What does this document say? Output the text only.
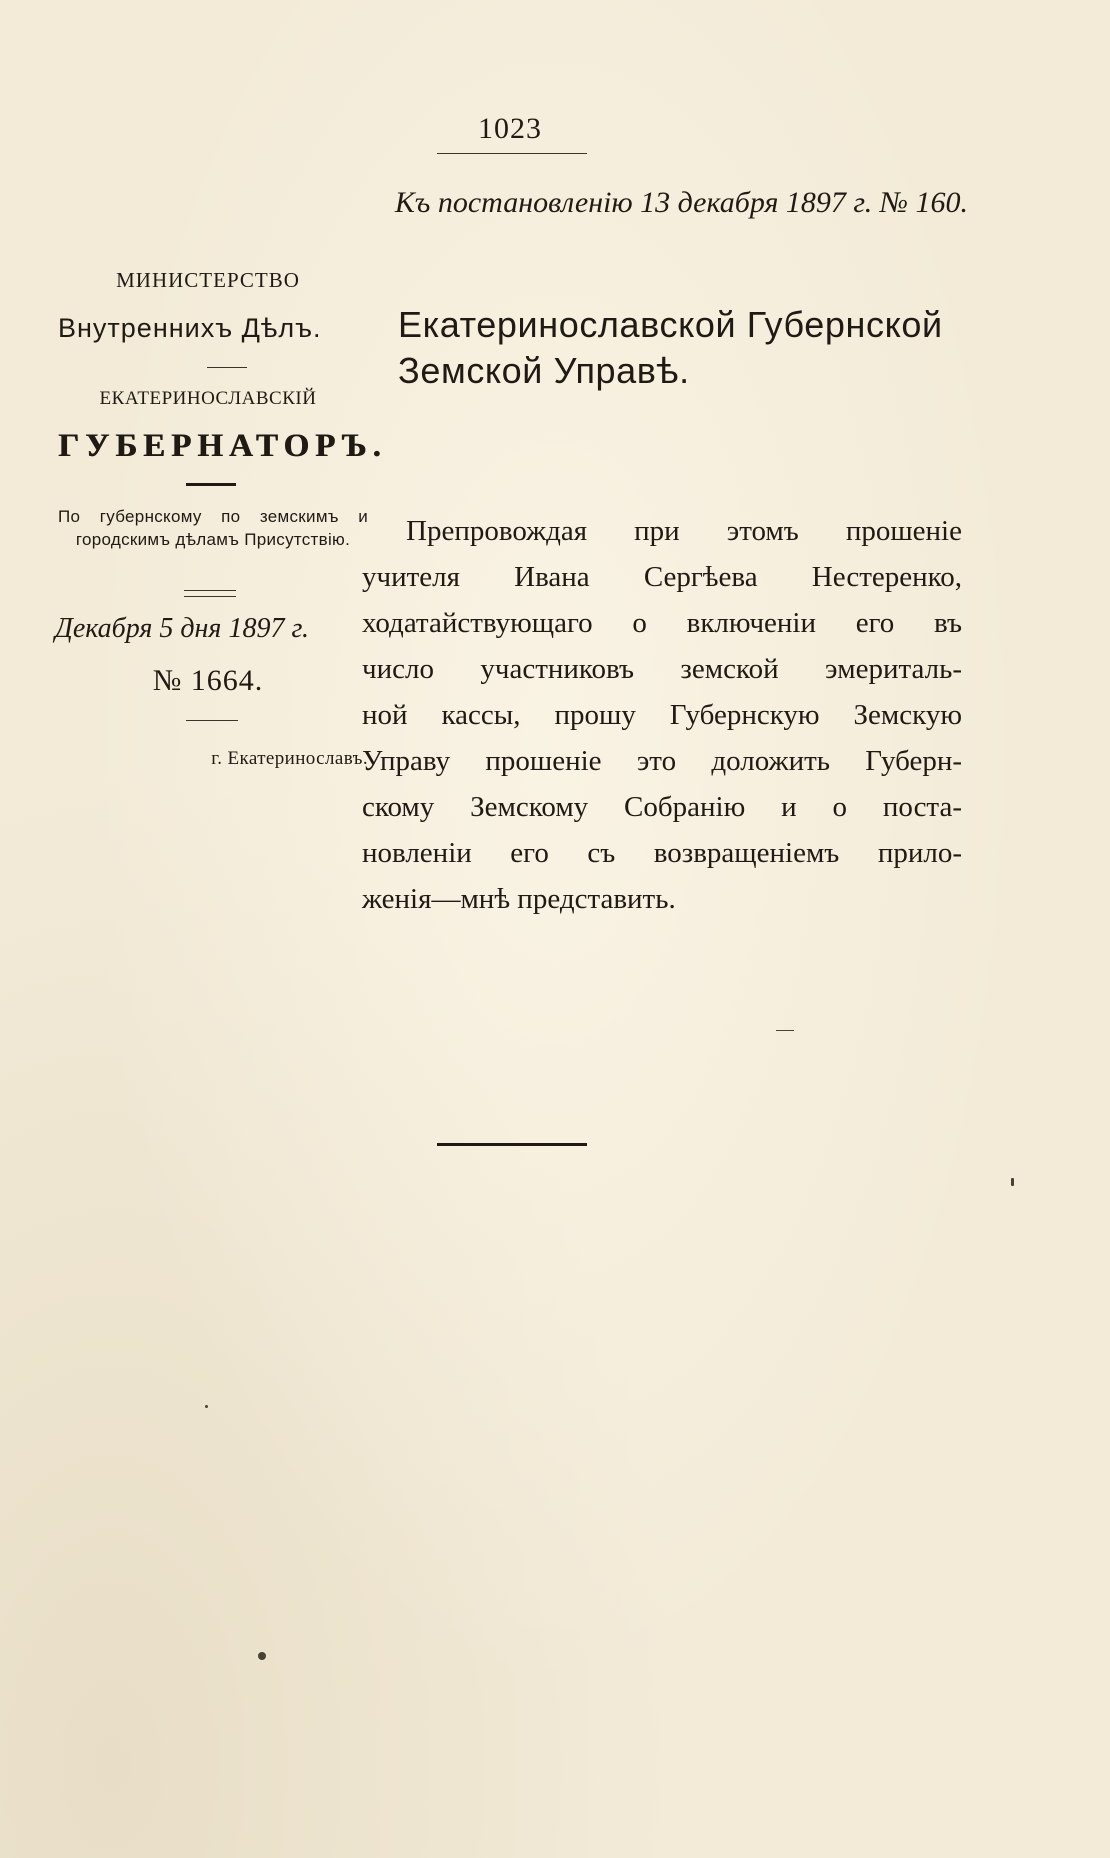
1023
Къ постановленію 13 декабря 1897 г. № 160.
МИНИСТЕРСТВО
Внутреннихъ Дѣлъ.
ЕКАТЕРИНОСЛАВСКІЙ
ГУБЕРНАТОРЪ.
Екатеринославской Губернской
Земской Управѣ.
По губернскому по земскимъ и городскимъ дѣламъ Присутствію.
Декабря 5 дня 1897 г.
№ 1664.
г. Екатеринославъ.
Препровождая при этомъ прошеніе
учителя Ивана Сергѣева Нестеренко,
ходатайствующаго о включеніи его въ
число участниковъ земской эмериталь-
ной кассы, прошу Губернскую Земскую
Управу прошеніе это доложить Губерн-
скому Земскому Собранію и о поста-
новленіи его съ возвращеніемъ прило-
женія—мнѣ представить.
